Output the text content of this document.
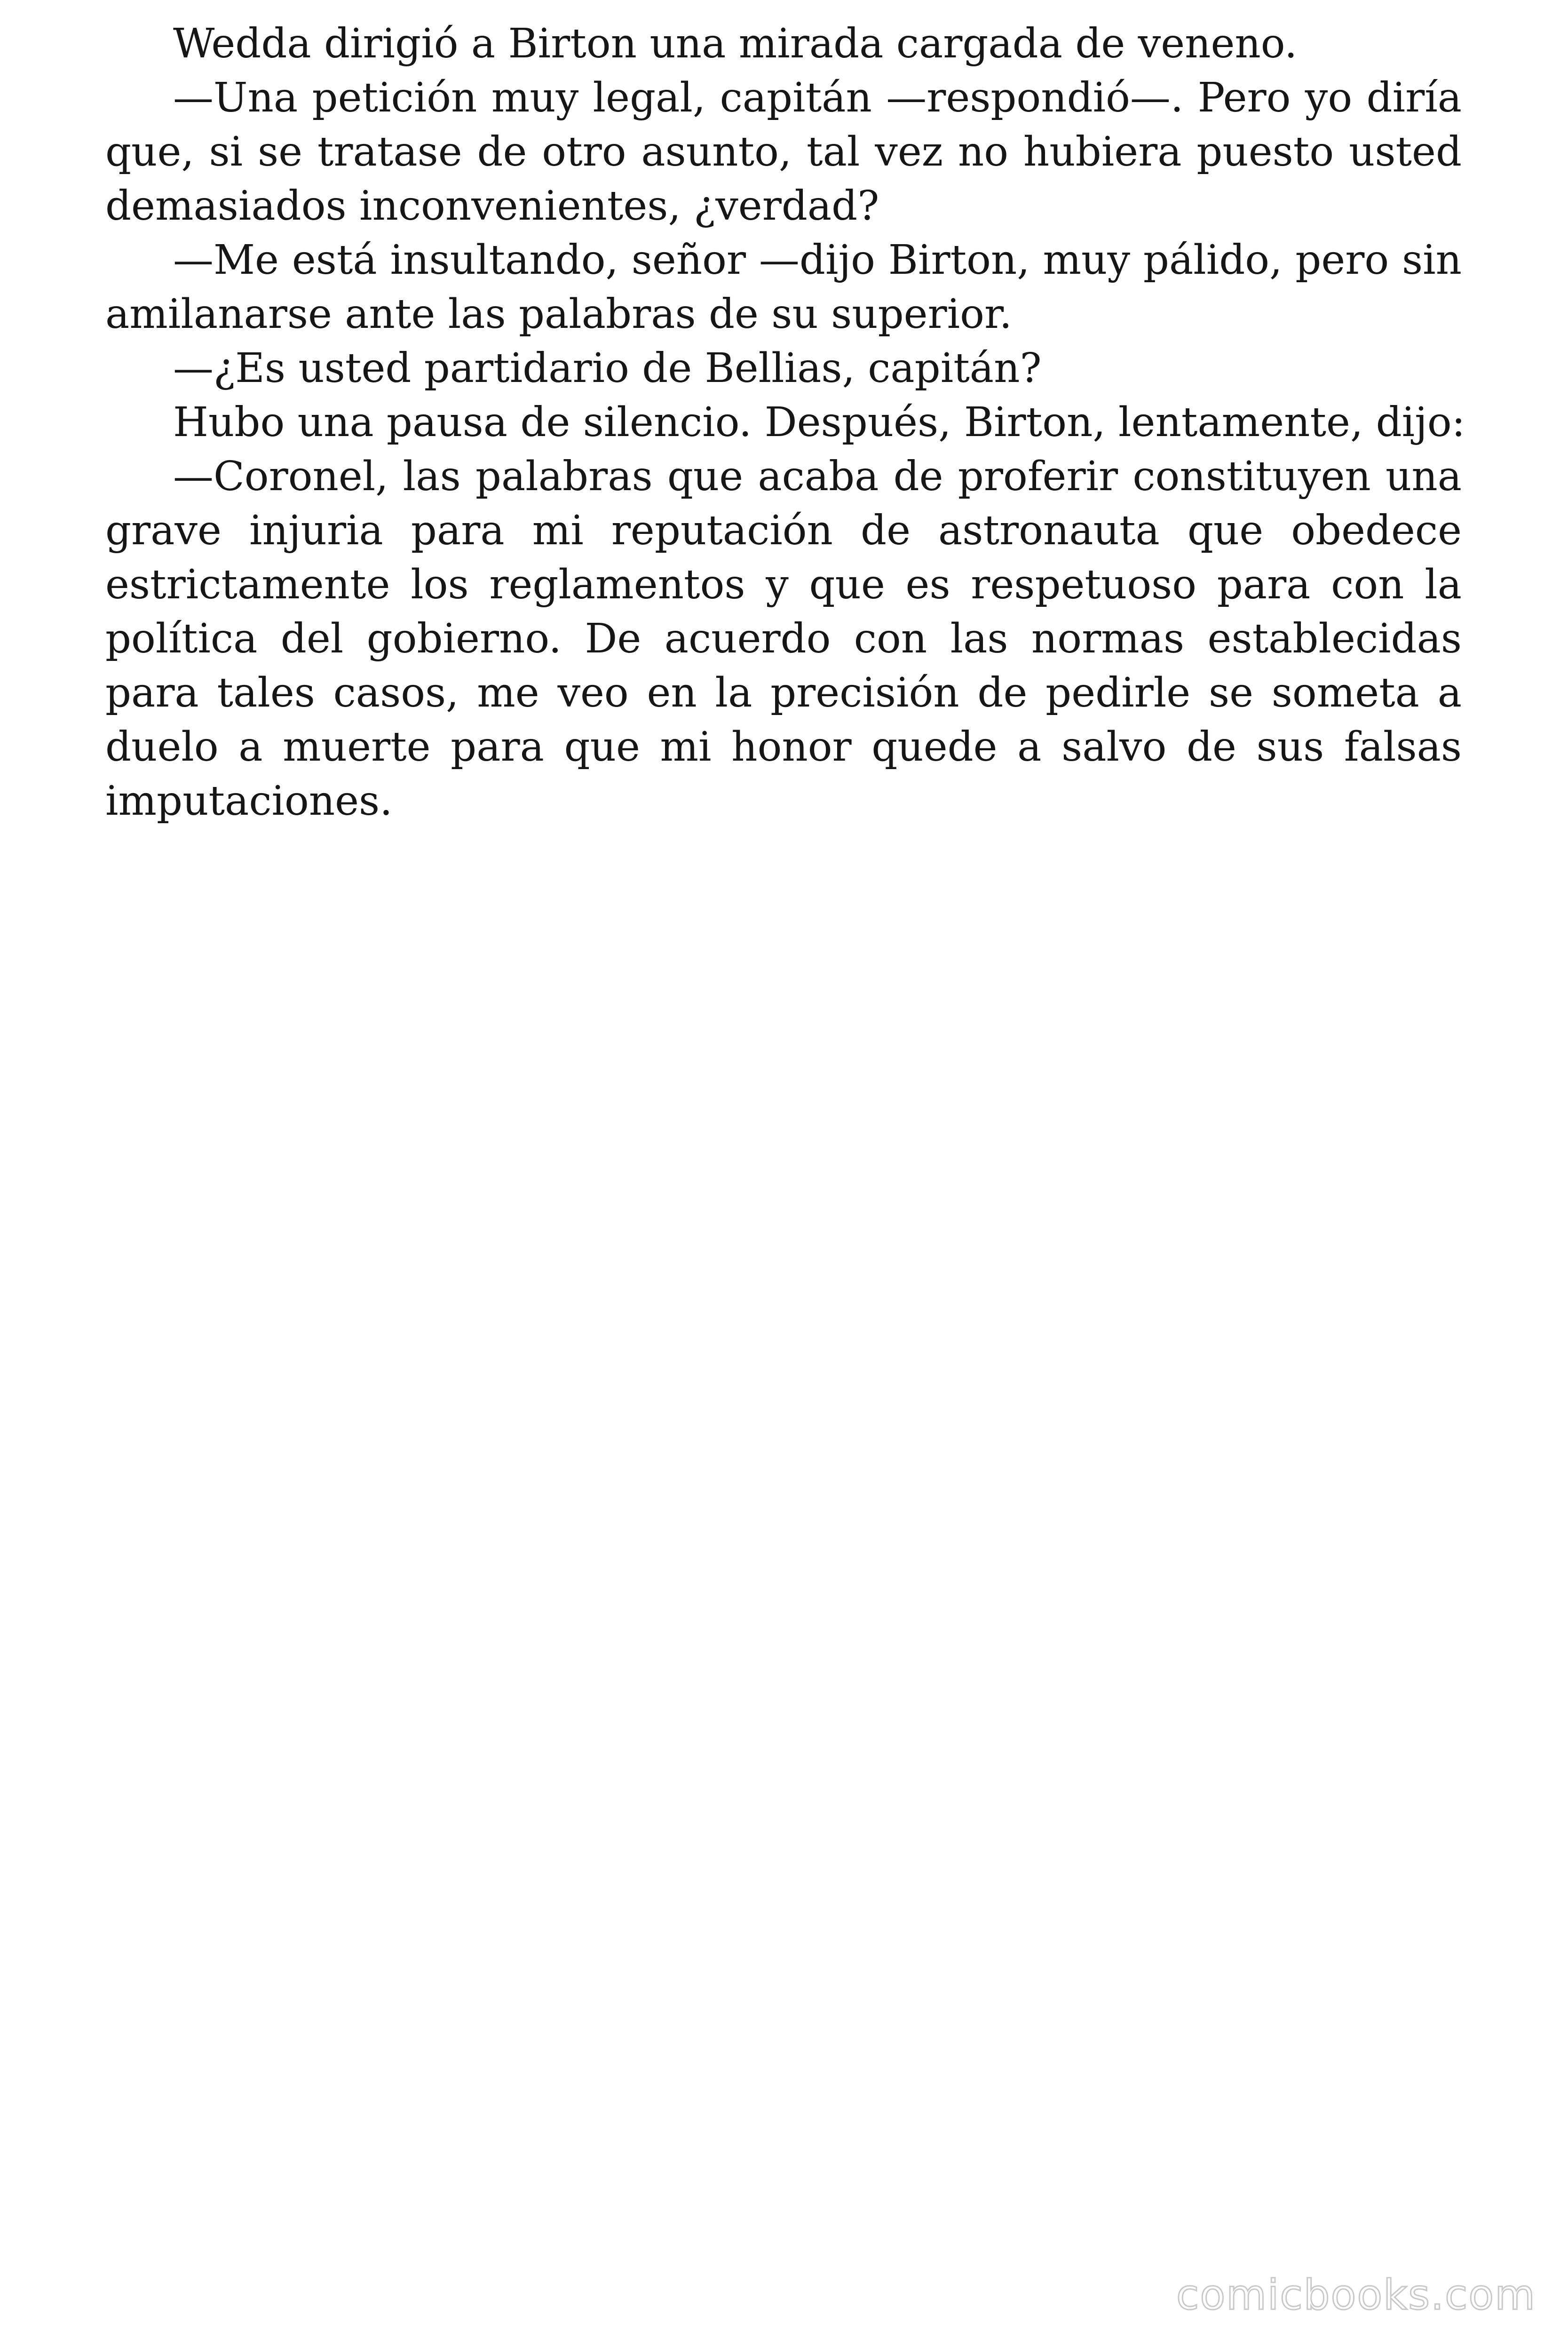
Wedda dirigió a Birton una mirada cargada de veneno.

—Una petición muy legal, capitán —respondió—. Pero yo diría que, si se tratase de otro asunto, tal vez no hubiera puesto usted demasiados inconvenientes, ¿verdad?

—Me está insultando, señor —dijo Birton, muy pálido, pero sin amilanarse ante las palabras de su superior.

—¿Es usted partidario de Bellias, capitán?

Hubo una pausa de silencio. Después, Birton, lentamente, dijo:

—Coronel, las palabras que acaba de proferir constituyen una grave injuria para mi reputación de astronauta que obedece estrictamente los reglamentos y que es respetuoso para con la política del gobierno. De acuerdo con las normas establecidas para tales casos, me veo en la precisión de pedirle se someta a duelo a muerte para que mi honor quede a salvo de sus falsas imputaciones.

comicbooks.com
